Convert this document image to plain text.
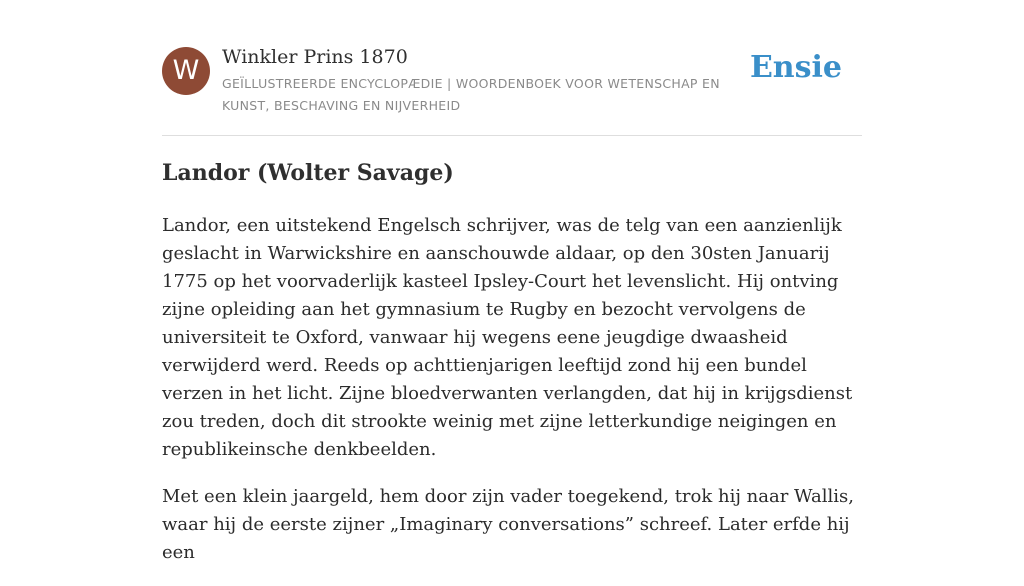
W	Winkler Prins 1870
GEÏLLUSTREERDE ENCYCLOPÆDIE | WOORDENBOEK VOOR WETENSCHAP EN KUNST, BESCHAVING EN NIJVERHEID
Ensie
Landor (Wolter Savage)

Landor, een uitstekend Engelsch schrijver, was de telg van een aanzienlijk geslacht in Warwickshire en aanschouwde aldaar, op den 30sten Januarij 1775 op het voorvaderlijk kasteel Ipsley-Court het levenslicht. Hij ontving zijne opleiding aan het gymnasium te Rugby en bezocht vervolgens de universiteit te Oxford, vanwaar hij wegens eene jeugdige dwaasheid verwijderd werd. Reeds op achttienjarigen leeftijd zond hij een bundel verzen in het licht. Zijne bloedverwanten verlangden, dat hij in krijgsdienst zou treden, doch dit strookte weinig met zijne letterkundige neigingen en republikeinsche denkbeelden.

Met een klein jaargeld, hem door zijn vader toegekend, trok hij naar Wallis, waar hij de eerste zijner „Imaginary conversations” schreef. Later erfde hij een
